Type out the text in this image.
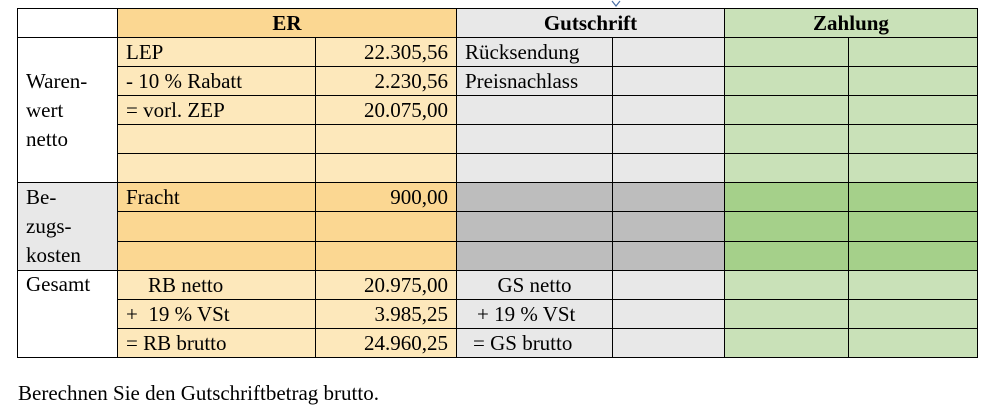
	ER		Gutschrift		Zahlung	
Waren-
wert
netto	LEP	22.305,56	Rücksendung			
	- 10 % Rabatt	2.230,56	Preisnachlass			
	= vorl. ZEP	20.075,00				

Be-
zugs-
kosten	Fracht	900,00				

Gesamt	RB netto	20.975,00	GS netto			
	+  19 % VSt	3.985,25	+ 19 % VSt			
	= RB brutto	24.960,25	= GS brutto			

Berechnen Sie den Gutschriftbetrag brutto.
